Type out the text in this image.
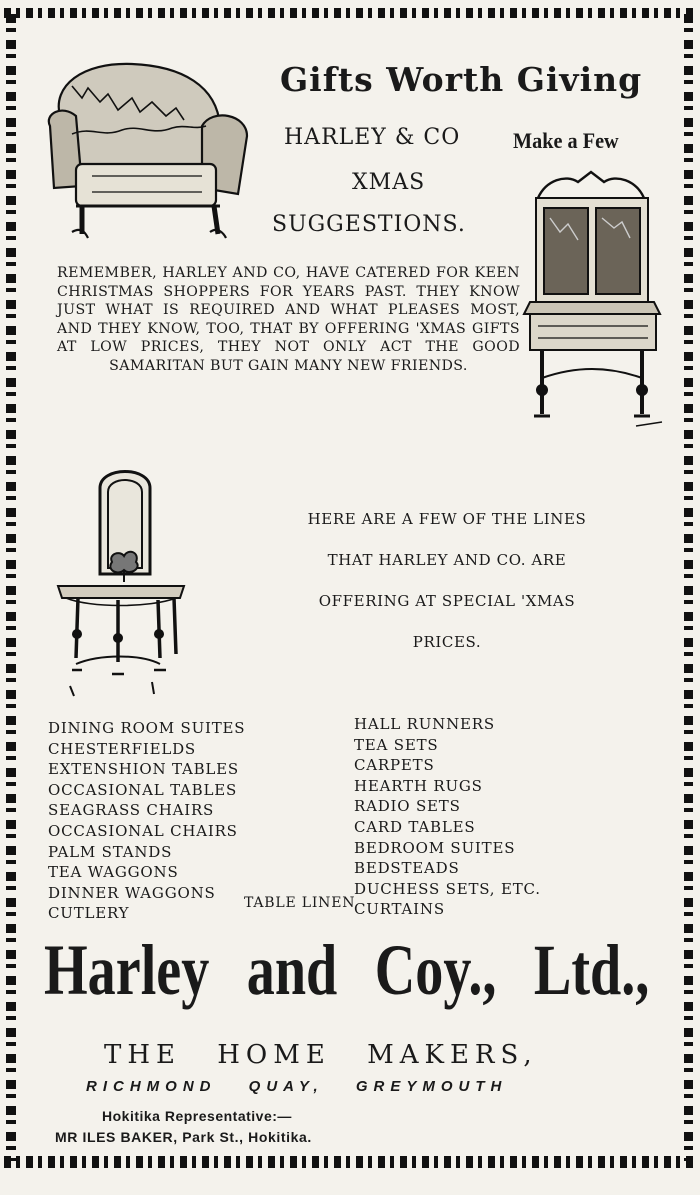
Gifts Worth Giving
HARLEY & CO Make a Few
XMAS
SUGGESTIONS.
REMEMBER, HARLEY AND CO, HAVE CATERED FOR KEEN CHRISTMAS SHOPPERS FOR YEARS PAST. THEY KNOW JUST WHAT IS REQUIRED AND WHAT PLEASES MOST, AND THEY KNOW, TOO, THAT BY OFFERING 'XMAS GIFTS AT LOW PRICES, THEY NOT ONLY ACT THE GOOD SAMARITAN BUT GAIN MANY NEW FRIENDS.
HERE ARE A FEW OF THE LINES
THAT HARLEY AND CO. ARE
OFFERING AT SPECIAL 'XMAS
PRICES.
DINING ROOM SUITES
CHESTERFIELDS
EXTENSHION TABLES
OCCASIONAL TABLES
SEAGRASS CHAIRS
OCCASIONAL CHAIRS
PALM STANDS
TEA WAGGONS
DINNER WAGGONS
CUTLERY
HALL RUNNERS
TEA SETS
CARPETS
HEARTH RUGS
RADIO SETS
CARD TABLES
BEDROOM SUITES
BEDSTEADS
DUCHESS SETS, ETC.
CURTAINS
TABLE LINEN
Harley and Coy., Ltd.,
THE HOME MAKERS,
RICHMOND QUAY, GREYMOUTH
Hokitika Representative:—
MR ILES BAKER, Park St., Hokitika.
